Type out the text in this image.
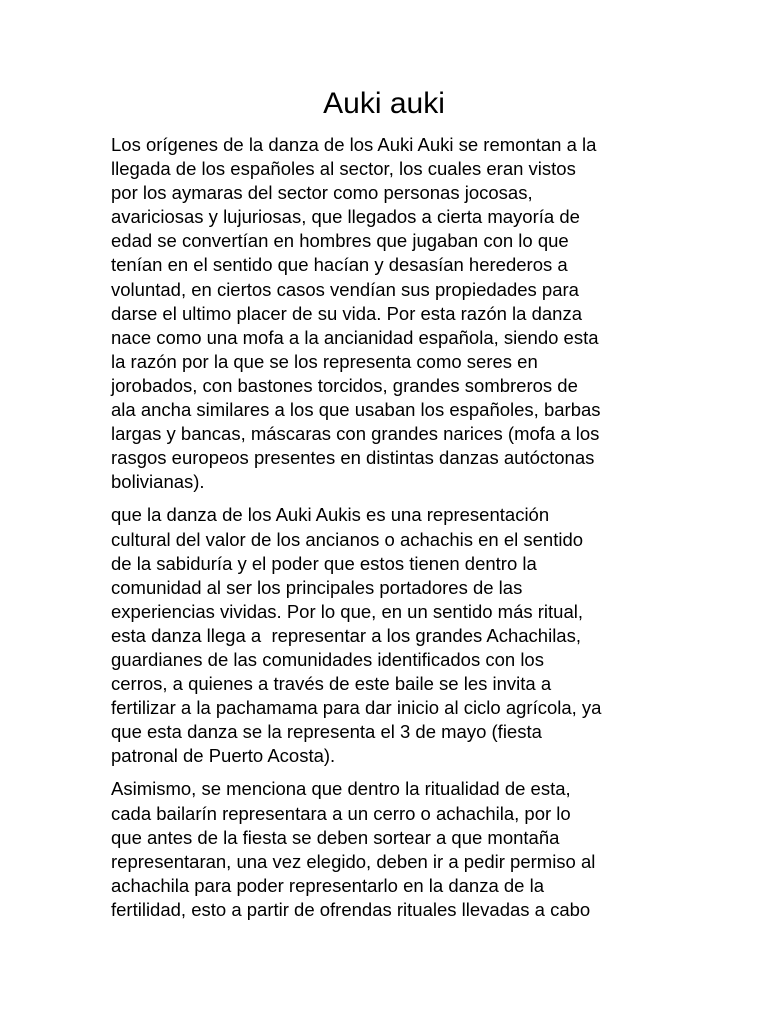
Auki auki

Los orígenes de la danza de los Auki Auki se remontan a la
llegada de los españoles al sector, los cuales eran vistos
por los aymaras del sector como personas jocosas,
avariciosas y lujuriosas, que llegados a cierta mayoría de
edad se convertían en hombres que jugaban con lo que
tenían en el sentido que hacían y desasían herederos a
voluntad, en ciertos casos vendían sus propiedades para
darse el ultimo placer de su vida. Por esta razón la danza
nace como una mofa a la ancianidad española, siendo esta
la razón por la que se los representa como seres en
jorobados, con bastones torcidos, grandes sombreros de
ala ancha similares a los que usaban los españoles, barbas
largas y bancas, máscaras con grandes narices (mofa a los
rasgos europeos presentes en distintas danzas autóctonas
bolivianas).

que la danza de los Auki Aukis es una representación
cultural del valor de los ancianos o achachis en el sentido
de la sabiduría y el poder que estos tienen dentro la
comunidad al ser los principales portadores de las
experiencias vividas. Por lo que, en un sentido más ritual,
esta danza llega a  representar a los grandes Achachilas,
guardianes de las comunidades identificados con los
cerros, a quienes a través de este baile se les invita a
fertilizar a la pachamama para dar inicio al ciclo agrícola, ya
que esta danza se la representa el 3 de mayo (fiesta
patronal de Puerto Acosta).

Asimismo, se menciona que dentro la ritualidad de esta,
cada bailarín representara a un cerro o achachila, por lo
que antes de la fiesta se deben sortear a que montaña
representaran, una vez elegido, deben ir a pedir permiso al
achachila para poder representarlo en la danza de la
fertilidad, esto a partir de ofrendas rituales llevadas a cabo
